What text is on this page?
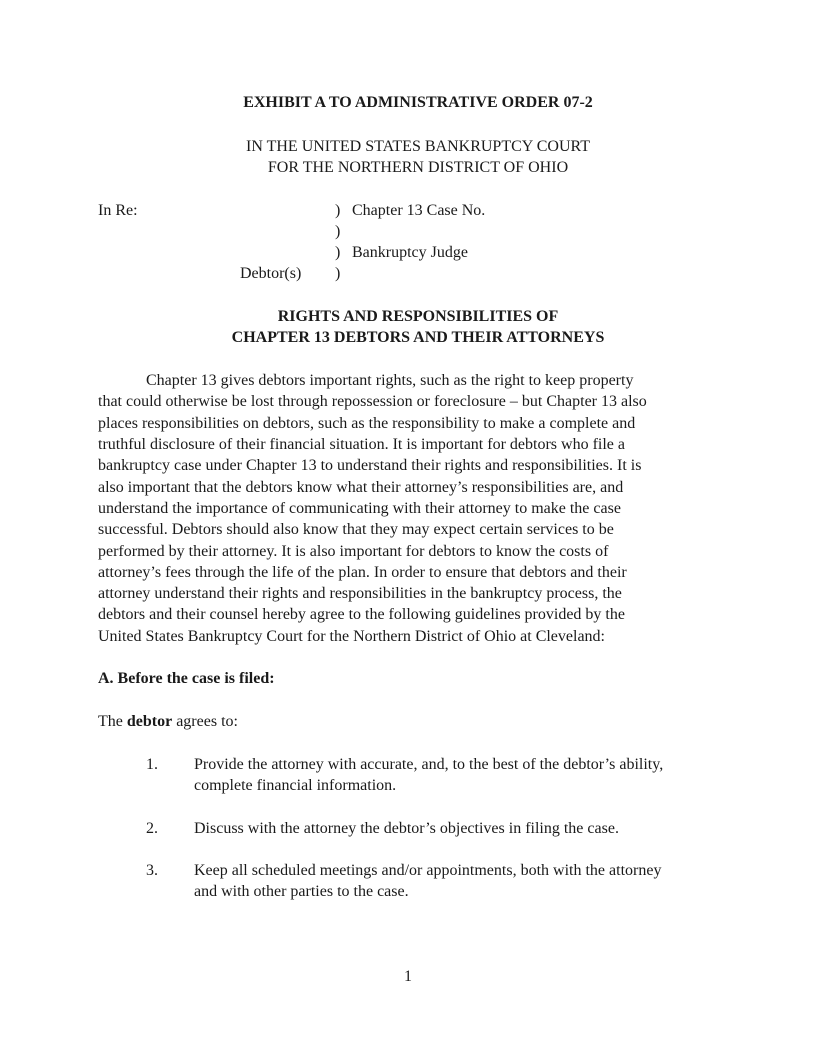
EXHIBIT A TO ADMINISTRATIVE ORDER 07-2
IN THE UNITED STATES BANKRUPTCY COURT
FOR THE NORTHERN DISTRICT OF OHIO
In Re:
Debtor(s)
)
)
)
)
Chapter 13 Case No.
Bankruptcy Judge
RIGHTS AND RESPONSIBILITIES OF
CHAPTER 13 DEBTORS AND THEIR ATTORNEYS
Chapter 13 gives debtors important rights, such as the right to keep property
that could otherwise be lost through repossession or foreclosure – but Chapter 13 also
places responsibilities on debtors, such as the responsibility to make a complete and
truthful disclosure of their financial situation. It is important for debtors who file a
bankruptcy case under Chapter 13 to understand their rights and responsibilities. It is
also important that the debtors know what their attorney’s responsibilities are, and
understand the importance of communicating with their attorney to make the case
successful. Debtors should also know that they may expect certain services to be
performed by their attorney. It is also important for debtors to know the costs of
attorney’s fees through the life of the plan. In order to ensure that debtors and their
attorney understand their rights and responsibilities in the bankruptcy process, the
debtors and their counsel hereby agree to the following guidelines provided by the
United States Bankruptcy Court for the Northern District of Ohio at Cleveland:
A. Before the case is filed:
The debtor agrees to:
1. Provide the attorney with accurate, and, to the best of the debtor’s ability,
complete financial information.
2. Discuss with the attorney the debtor’s objectives in filing the case.
3. Keep all scheduled meetings and/or appointments, both with the attorney
and with other parties to the case.
1
